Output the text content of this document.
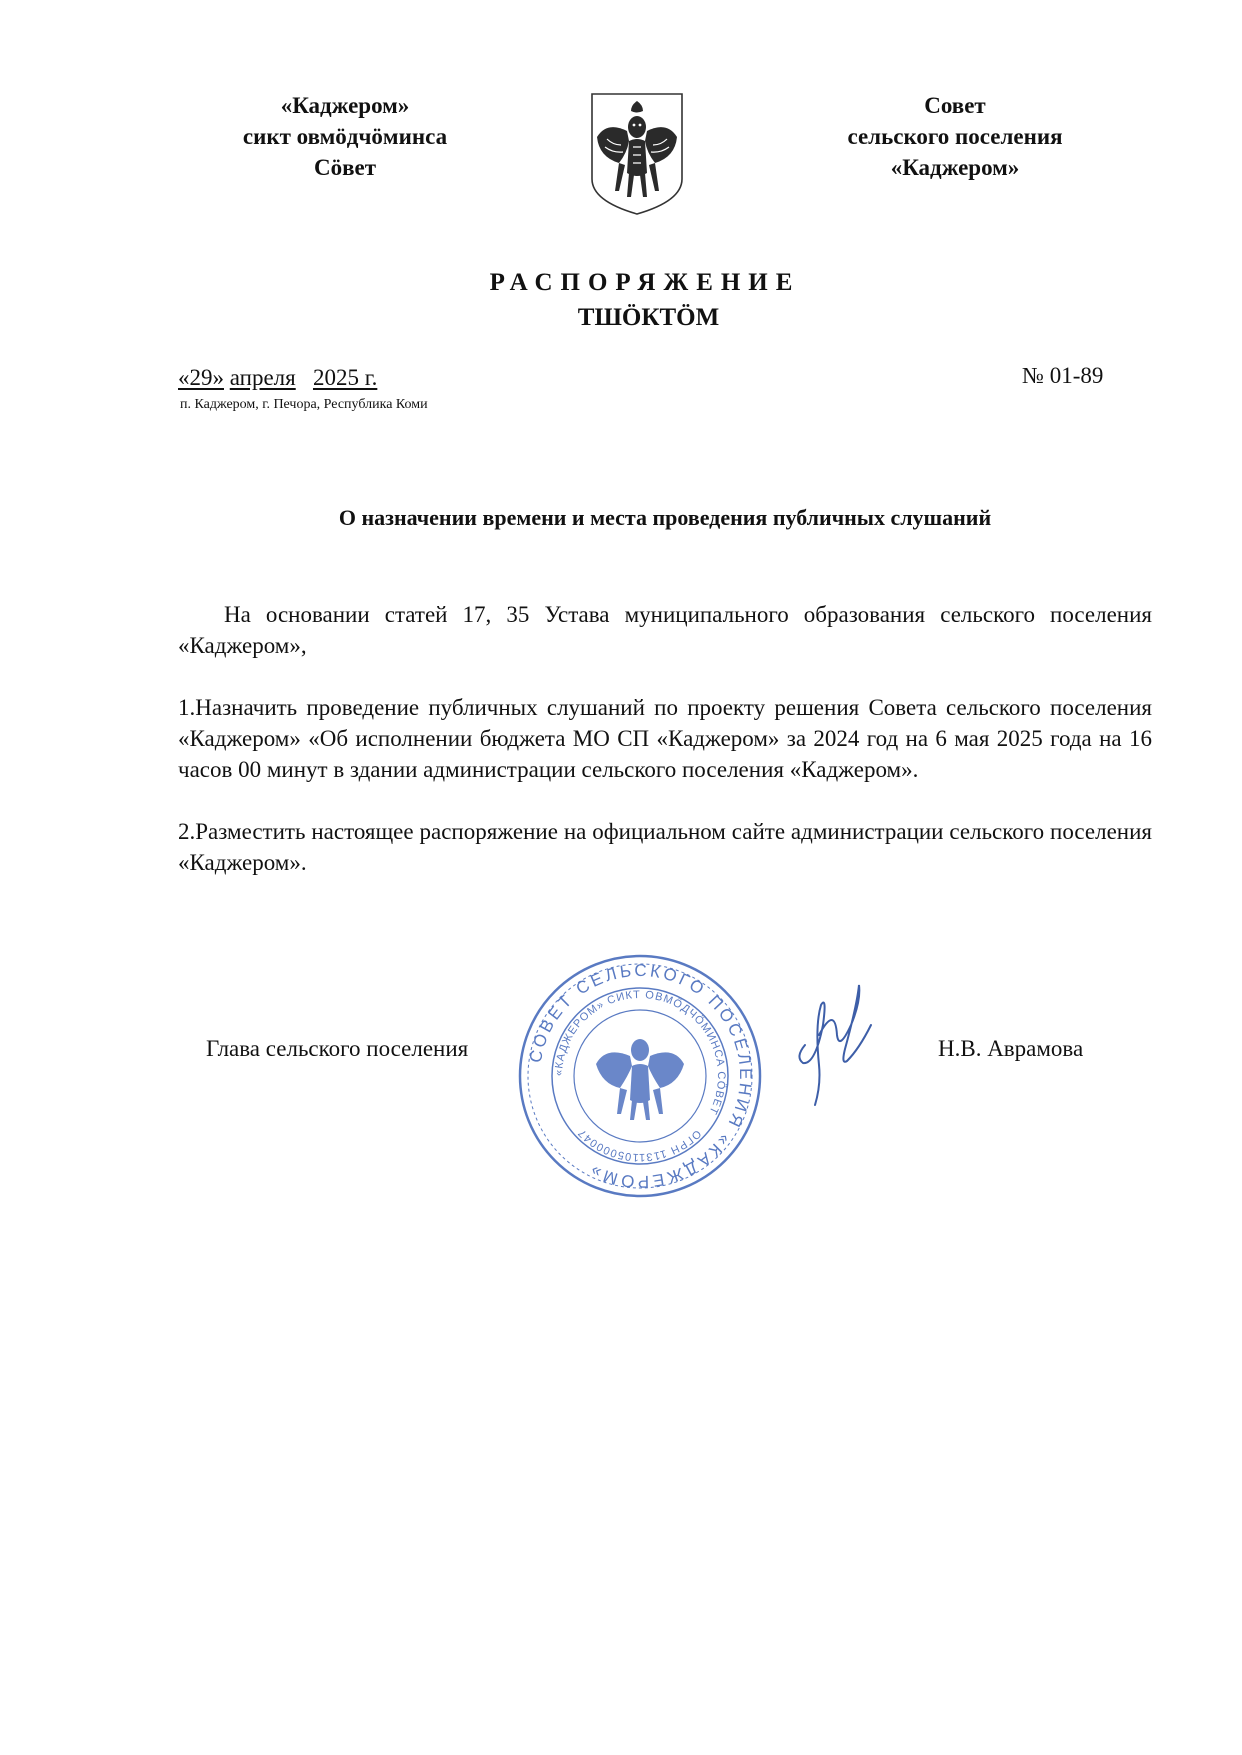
«Каджером»
сикт овмӧдчӧминса
Сӧвет
Совет
сельского поселения
«Каджером»
РАСПОРЯЖЕНИЕ
ТШӦКТӦМ
«29» апреля 2025 г.
п. Каджером, г. Печора, Республика Коми
№ 01-89
О назначении времени и места проведения публичных слушаний
На основании статей 17, 35 Устава муниципального образования сельского поселения «Каджером»,
1.Назначить проведение публичных слушаний по проекту решения Совета сельского поселения «Каджером» «Об исполнении бюджета МО СП «Каджером» за 2024 год на 6 мая 2025 года на 16 часов 00 минут в здании администрации сельского поселения «Каджером».
2.Разместить настоящее распоряжение на официальном сайте администрации сельского поселения «Каджером».
СОВЕТ СЕЛЬСКОГО ПОСЕЛЕНИЯ «КАДЖЕРОМ»
«КАДЖЕРОМ» СИКТ ОВМӦДЧӦМИНСА СӦВЕТ
ОГРН 1131105000047
Глава сельского поселения	Н.В. Аврамова
